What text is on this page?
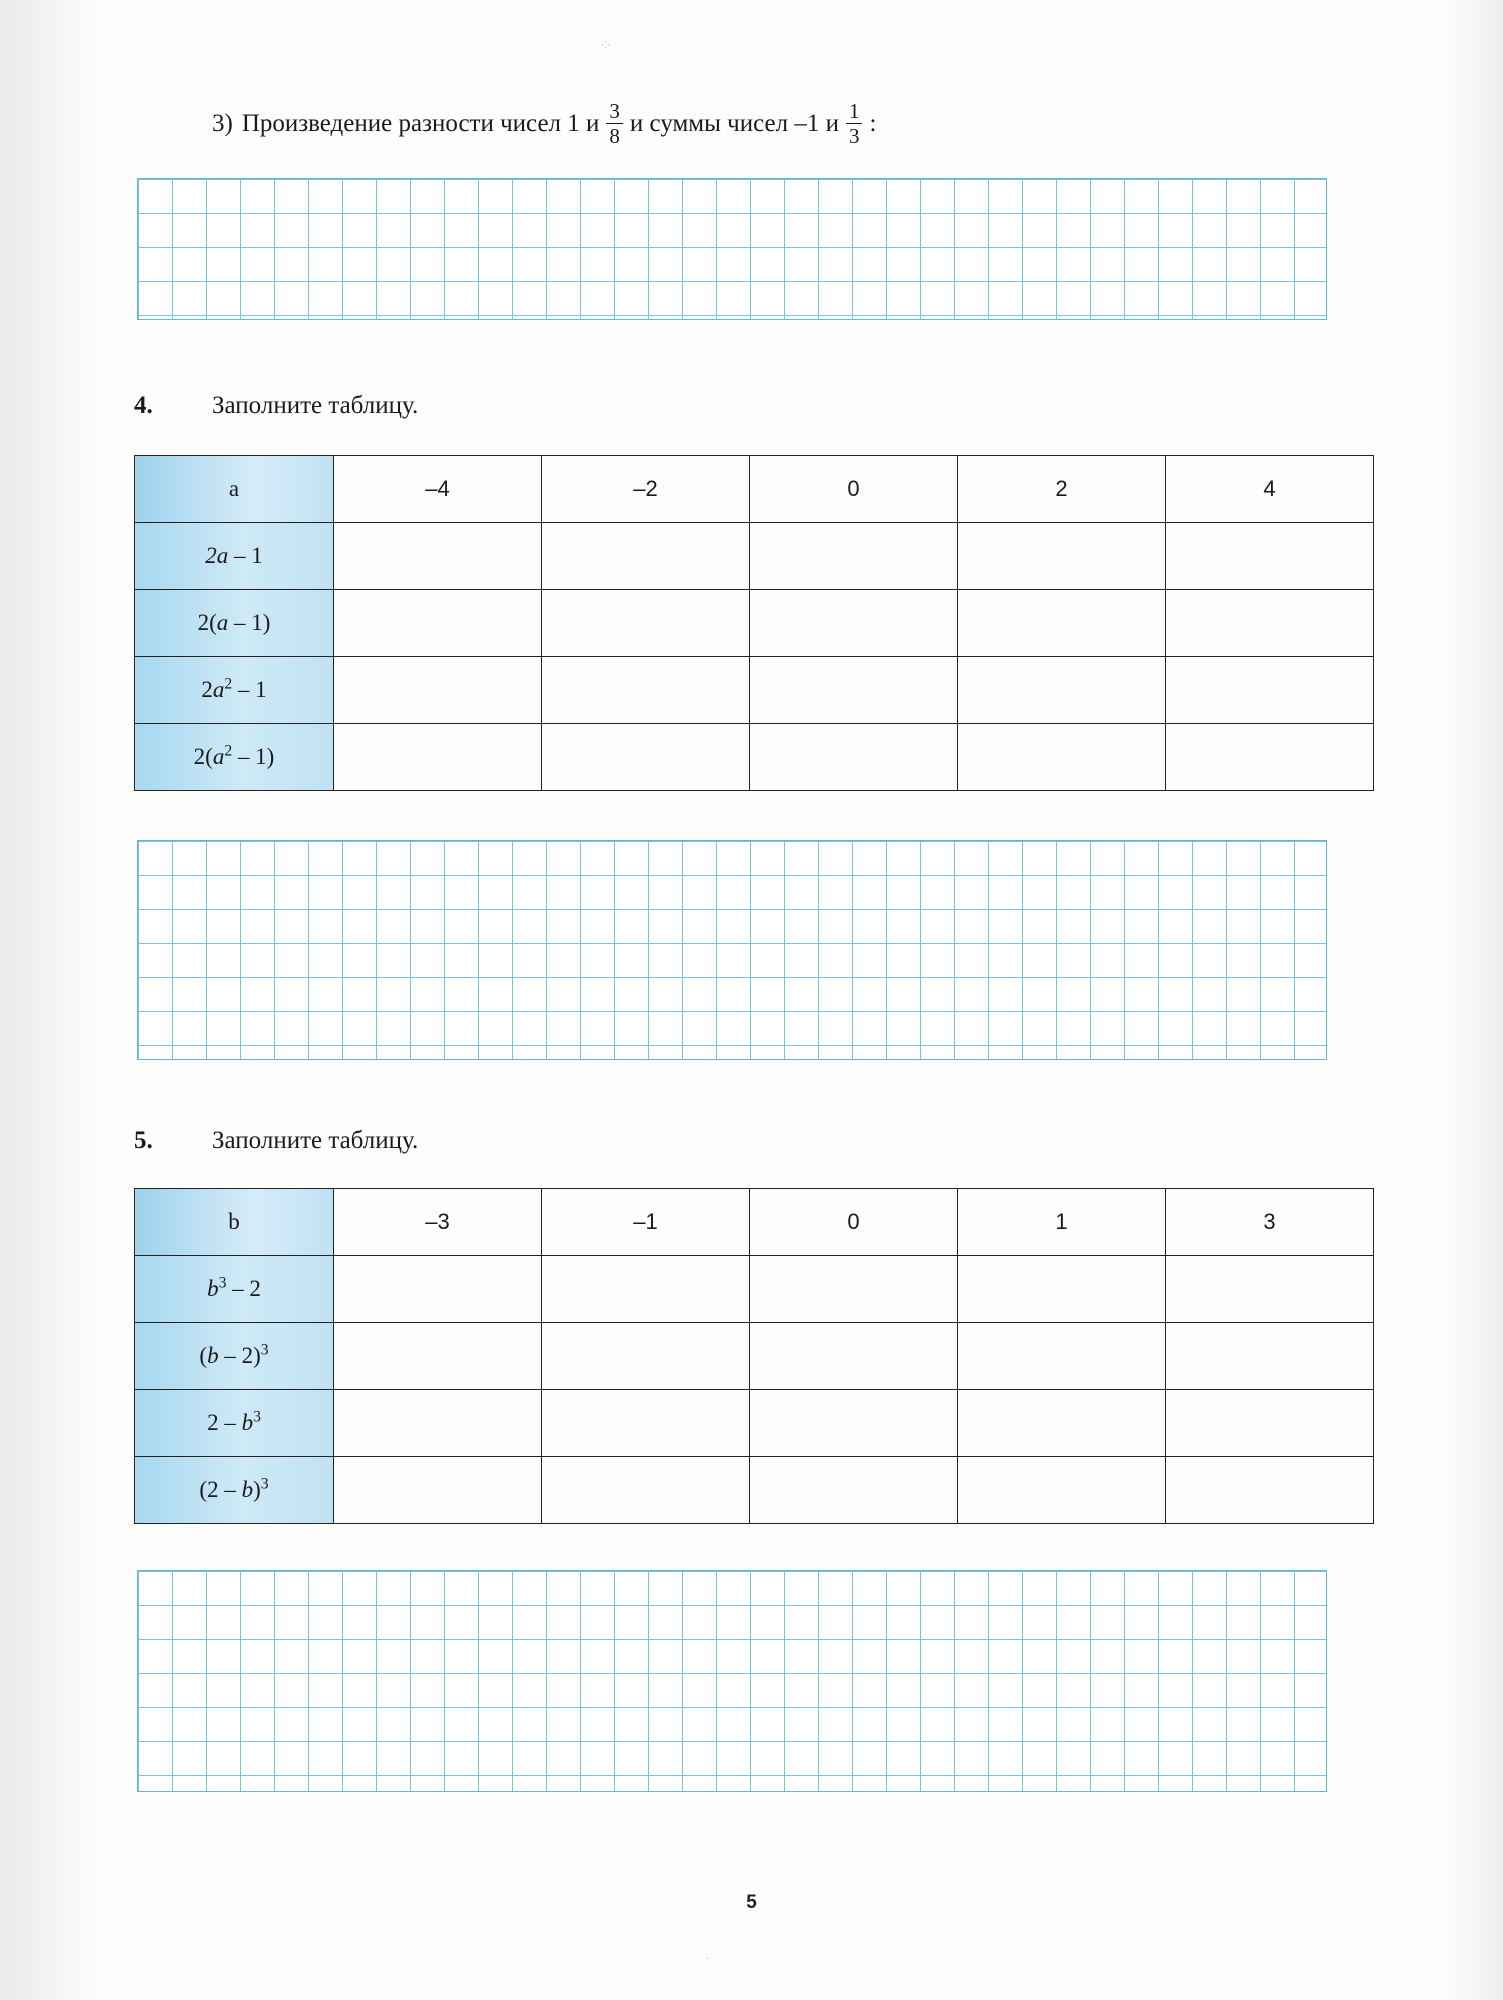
3) Произведение разности чисел 1 и $\frac{3}{8}$ и суммы чисел –1 и $\frac{1}{3}$ :
4.	Заполните таблицу.
a	–4	–2	0	2	4
2a – 1					
2(a – 1)					
$2a^2 - 1$					
$2(a^2 - 1)$					
5.	Заполните таблицу.
b	–3	–1	0	1	3
$b^3 - 2$					
(b – 2)$^3$					
$2 - b^3$					
(2 – b)$^3$					
5
⁘
·
